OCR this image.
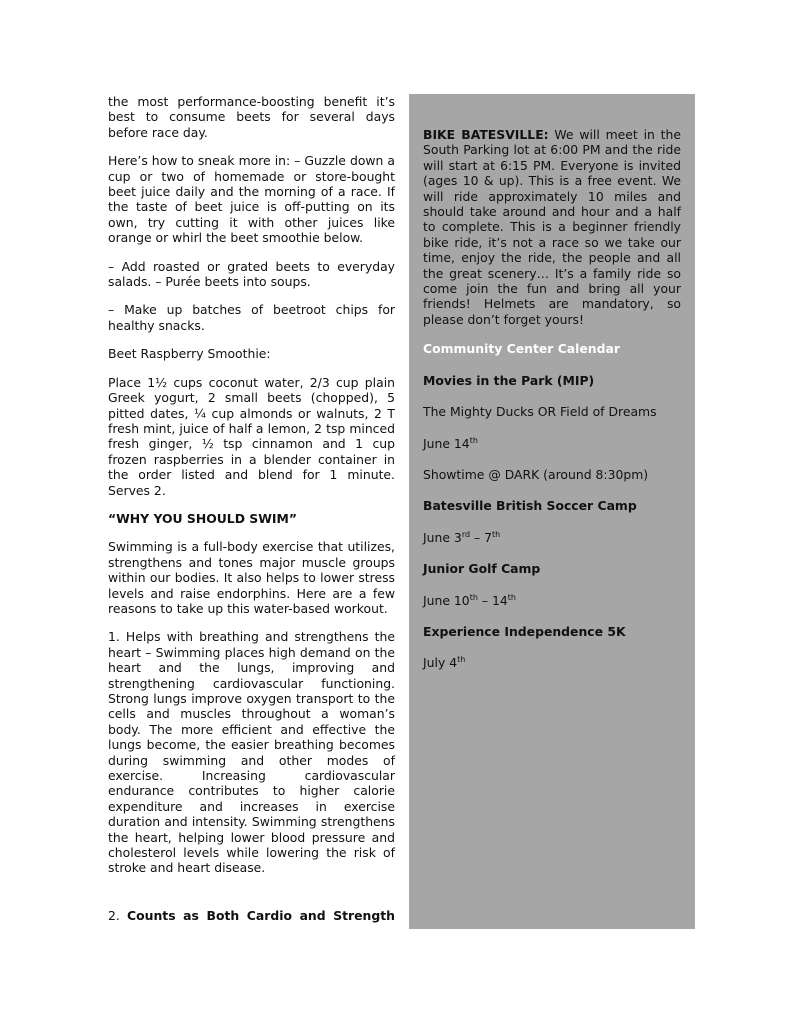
the most performance-boosting benefit it’s best to consume beets for several days before race day.

Here’s how to sneak more in: – Guzzle down a cup or two of homemade or store-bought beet juice daily and the morning of a race. If the taste of beet juice is off-putting on its own, try cutting it with other juices like orange or whirl the beet smoothie below.

– Add roasted or grated beets to everyday salads. – Purée beets into soups.

– Make up batches of beetroot chips for healthy snacks.

Beet Raspberry Smoothie:

Place 1½ cups coconut water, 2/3 cup plain Greek yogurt, 2 small beets (chopped), 5 pitted dates, ¼ cup almonds or walnuts, 2 T fresh mint, juice of half a lemon, 2 tsp minced fresh ginger, ½ tsp cinnamon and 1 cup frozen raspberries in a blender container in the order listed and blend for 1 minute. Serves 2.

“WHY YOU SHOULD SWIM”

Swimming is a full-body exercise that utilizes, strengthens and tones major muscle groups within our bodies. It also helps to lower stress levels and raise endorphins. Here are a few reasons to take up this water-based workout.

1. Helps with breathing and strengthens the heart – Swimming places high demand on the heart and the lungs, improving and strengthening cardiovascular functioning. Strong lungs improve oxygen transport to the cells and muscles throughout a woman’s body. The more efficient and effective the lungs become, the easier breathing becomes during swimming and other modes of exercise. Increasing cardiovascular endurance contributes to higher calorie expenditure and increases in exercise duration and intensity. Swimming strengthens the heart, helping lower blood pressure and cholesterol levels while lowering the risk of stroke and heart disease.

2. Counts as Both Cardio and Strength

BIKE BATESVILLE: We will meet in the South Parking lot at 6:00 PM and the ride will start at 6:15 PM. Everyone is invited (ages 10 & up). This is a free event. We will ride approximately 10 miles and should take around and hour and a half to complete. This is a beginner friendly bike ride, it’s not a race so we take our time, enjoy the ride, the people and all the great scenery… It’s a family ride so come join the fun and bring all your friends! Helmets are mandatory, so please don’t forget yours!

Community Center Calendar
Movies in the Park (MIP)
The Mighty Ducks OR Field of Dreams
June 14th
Showtime @ DARK (around 8:30pm)
Batesville British Soccer Camp
June 3rd – 7th
Junior Golf Camp
June 10th – 14th
Experience Independence 5K
July 4th
